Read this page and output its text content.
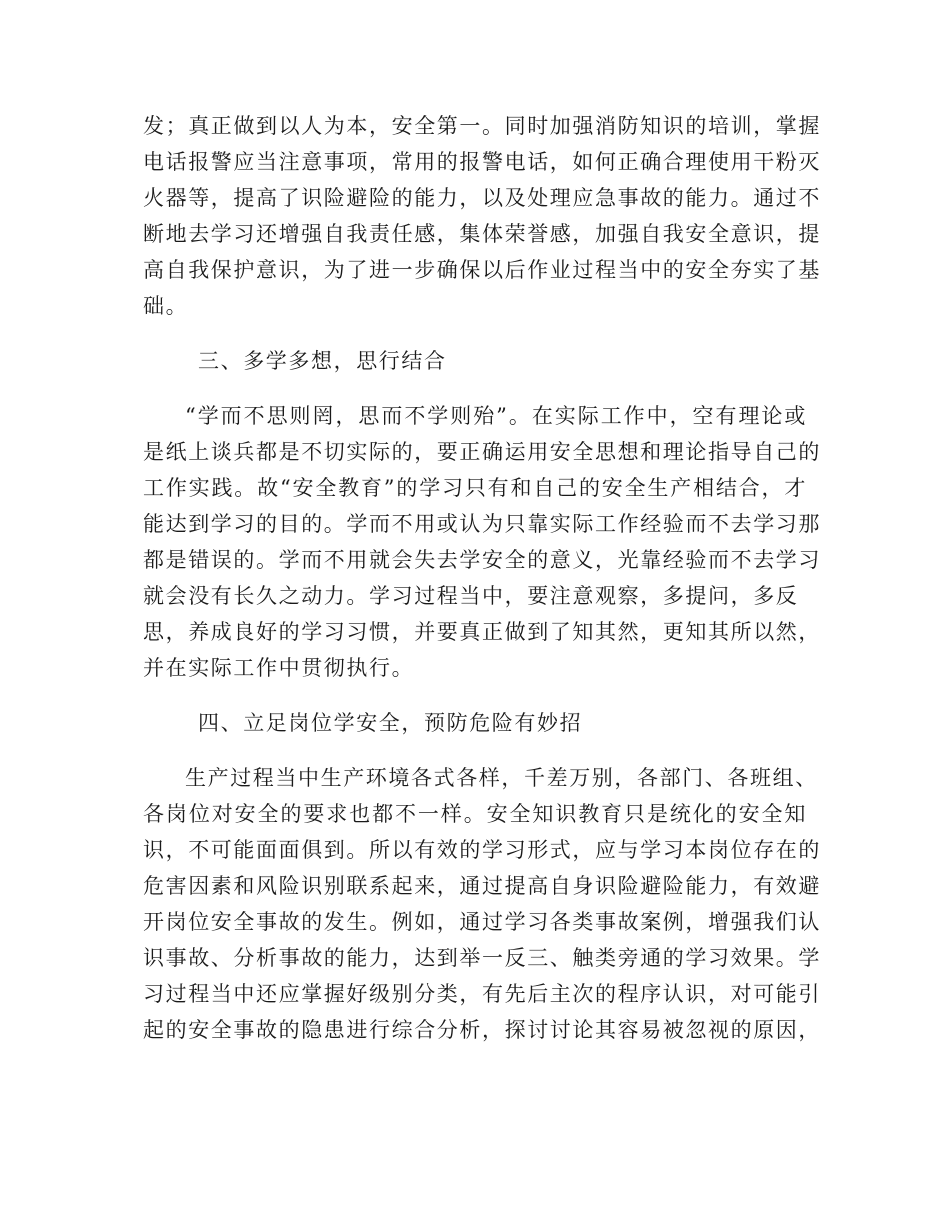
发；真正做到以人为本，安全第一。同时加强消防知识的培训，掌握
电话报警应当注意事项，常用的报警电话，如何正确合理使用干粉灭
火器等，提高了识险避险的能力，以及处理应急事故的能力。通过不
断地去学习还增强自我责任感，集体荣誉感，加强自我安全意识，提
高自我保护意识，为了进一步确保以后作业过程当中的安全夯实了基
础。
三、多学多想，思行结合
“学而不思则罔，思而不学则殆”。在实际工作中，空有理论或
是纸上谈兵都是不切实际的，要正确运用安全思想和理论指导自己的
工作实践。故“安全教育”的学习只有和自己的安全生产相结合，才
能达到学习的目的。学而不用或认为只靠实际工作经验而不去学习那
都是错误的。学而不用就会失去学安全的意义，光靠经验而不去学习
就会没有长久之动力。学习过程当中，要注意观察，多提问，多反
思，养成良好的学习习惯，并要真正做到了知其然，更知其所以然，
并在实际工作中贯彻执行。
四、立足岗位学安全，预防危险有妙招
生产过程当中生产环境各式各样，千差万别，各部门、各班组、
各岗位对安全的要求也都不一样。安全知识教育只是统化的安全知
识，不可能面面俱到。所以有效的学习形式，应与学习本岗位存在的
危害因素和风险识别联系起来，通过提高自身识险避险能力，有效避
开岗位安全事故的发生。例如，通过学习各类事故案例，增强我们认
识事故、分析事故的能力，达到举一反三、触类旁通的学习效果。学
习过程当中还应掌握好级别分类，有先后主次的程序认识，对可能引
起的安全事故的隐患进行综合分析，探讨讨论其容易被忽视的原因，
